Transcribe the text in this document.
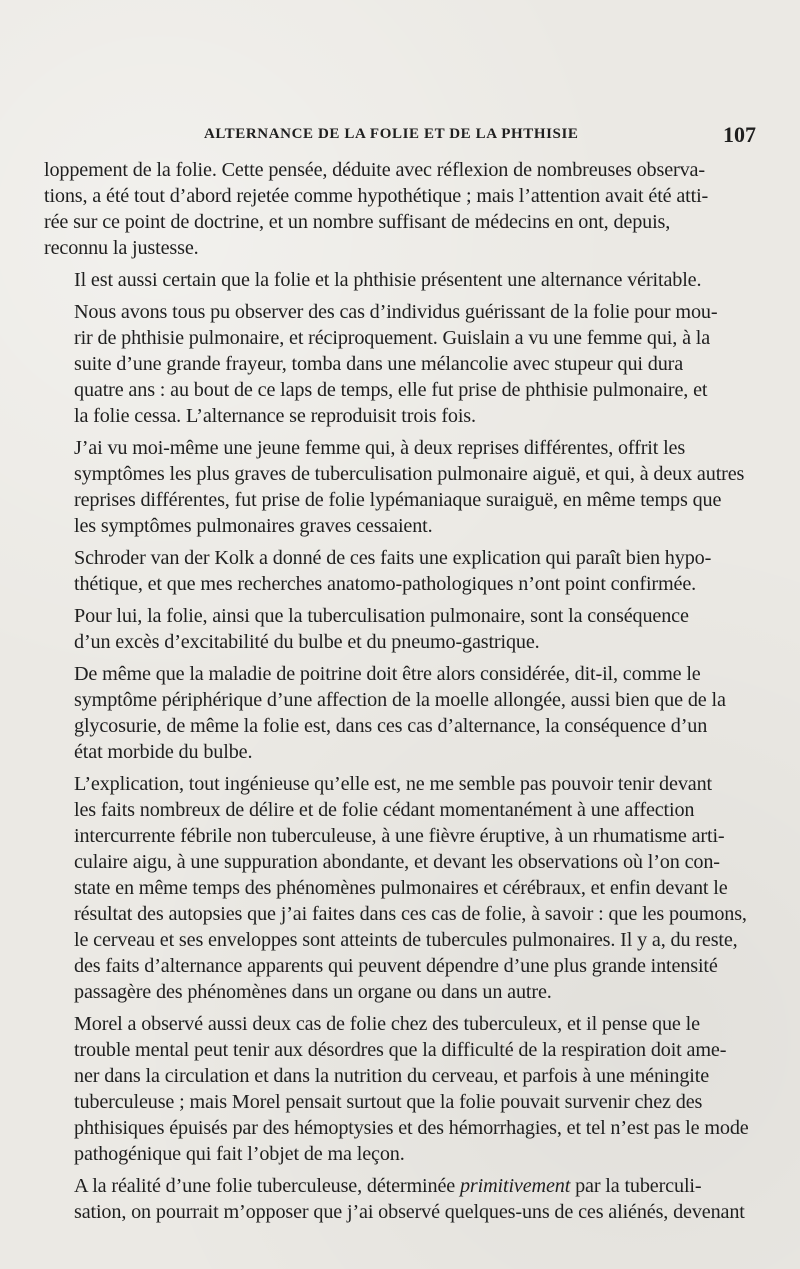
ALTERNANCE DE LA FOLIE ET DE LA PHTHISIE	107

loppement de la folie. Cette pensée, déduite avec réflexion de nombreuses observa-
tions, a été tout d’abord rejetée comme hypothétique ; mais l’attention avait été atti-
rée sur ce point de doctrine, et un nombre suffisant de médecins en ont, depuis,
reconnu la justesse.

Il est aussi certain que la folie et la phthisie présentent une alternance véritable.

Nous avons tous pu observer des cas d’individus guérissant de la folie pour mou-
rir de phthisie pulmonaire, et réciproquement. Guislain a vu une femme qui, à la
suite d’une grande frayeur, tomba dans une mélancolie avec stupeur qui dura
quatre ans : au bout de ce laps de temps, elle fut prise de phthisie pulmonaire, et
la folie cessa. L’alternance se reproduisit trois fois.

J’ai vu moi-même une jeune femme qui, à deux reprises différentes, offrit les
symptômes les plus graves de tuberculisation pulmonaire aiguë, et qui, à deux autres
reprises différentes, fut prise de folie lypémaniaque suraiguë, en même temps que
les symptômes pulmonaires graves cessaient.

Schroder van der Kolk a donné de ces faits une explication qui paraît bien hypo-
thétique, et que mes recherches anatomo-pathologiques n’ont point confirmée.

Pour lui, la folie, ainsi que la tuberculisation pulmonaire, sont la conséquence
d’un excès d’excitabilité du bulbe et du pneumo-gastrique.

De même que la maladie de poitrine doit être alors considérée, dit-il, comme le
symptôme périphérique d’une affection de la moelle allongée, aussi bien que de la
glycosurie, de même la folie est, dans ces cas d’alternance, la conséquence d’un
état morbide du bulbe.

L’explication, tout ingénieuse qu’elle est, ne me semble pas pouvoir tenir devant
les faits nombreux de délire et de folie cédant momentanément à une affection
intercurrente fébrile non tuberculeuse, à une fièvre éruptive, à un rhumatisme arti-
culaire aigu, à une suppuration abondante, et devant les observations où l’on con-
state en même temps des phénomènes pulmonaires et cérébraux, et enfin devant le
résultat des autopsies que j’ai faites dans ces cas de folie, à savoir : que les poumons,
le cerveau et ses enveloppes sont atteints de tubercules pulmonaires. Il y a, du reste,
des faits d’alternance apparents qui peuvent dépendre d’une plus grande intensité
passagère des phénomènes dans un organe ou dans un autre.

Morel a observé aussi deux cas de folie chez des tuberculeux, et il pense que le
trouble mental peut tenir aux désordres que la difficulté de la respiration doit ame-
ner dans la circulation et dans la nutrition du cerveau, et parfois à une méningite
tuberculeuse ; mais Morel pensait surtout que la folie pouvait survenir chez des
phthisiques épuisés par des hémoptysies et des hémorrhagies, et tel n’est pas le mode
pathogénique qui fait l’objet de ma leçon.

A la réalité d’une folie tuberculeuse, déterminée primitivement par la tuberculi-
sation, on pourrait m’opposer que j’ai observé quelques-uns de ces aliénés, devenant
